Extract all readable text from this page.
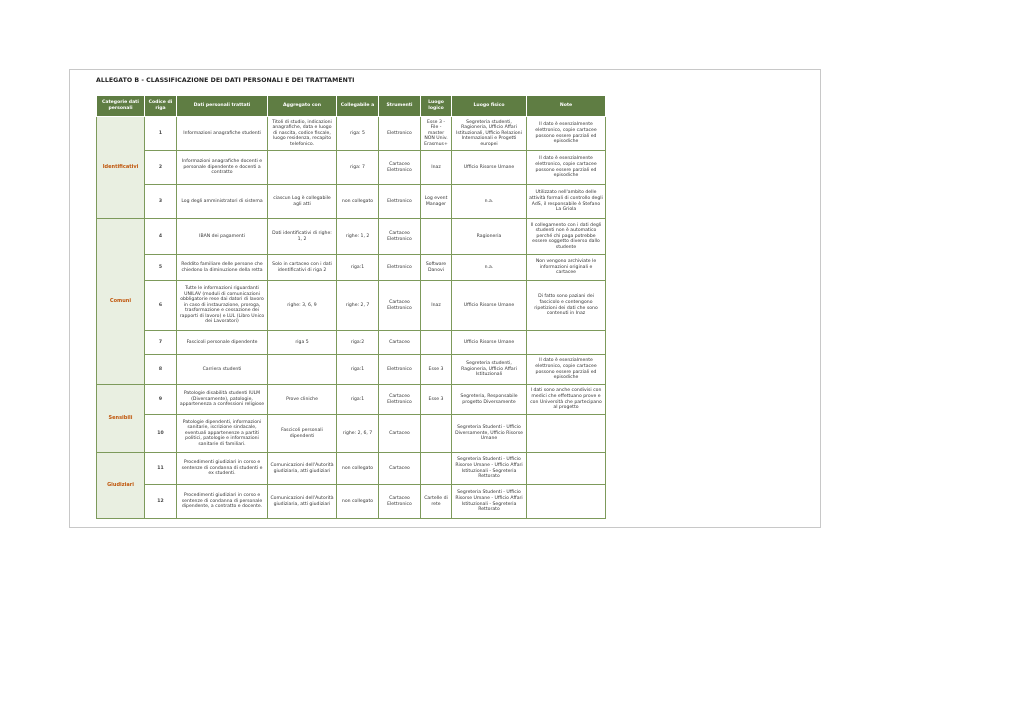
ALLEGATO B - CLASSIFICAZIONE DEI DATI PERSONALI E DEI TRATTAMENTI
Categorie dati personali	Codice di riga	Dati personali trattati	Aggregato con	Collegabile a	Strumenti	Luogo logico	Luogo fisico	Note
Identificativi	1	Informazioni anagrafiche studenti	Titoli di studio, indicazioni anagrafiche, data e luogo di nascita, codice fiscale, luogo residenza, recapito telefonico.	riga: 5	Elettronico	Esse 3 - File - master NON Univ. Erasmus+	Segreteria studenti, Ragioneria, Ufficio Affari Istituzionali, Ufficio Relazioni Internazionali e Progetti europei	Il dato è esenzialmente elettronico, copie cartacee possono essere parziali ed episodiche
	2	Informazioni anagrafiche docenti e personale dipendente e docenti a contratto		riga: 7	Cartaceo Elettronico	Inaz	Ufficio Risorse Umane	Il dato è esenzialmente elettronico, copie cartacee possono essere parziali ed episodiche
	3	Log degli amministratori di sistema	ciascun Log è collegabile agli atti	non collegato	Elettronico	Log event Manager	n.a.	Utilizzato nell'ambito delle attività formali di controllo degli AdS, il responsabile è Stefano La Griola
Comuni	4	IBAN dei pagamenti	Dati identificativi di righe: 1, 2	righe: 1, 2	Cartaceo Elettronico		Ragioneria	Il collegamento con i dati degli studenti non è automatico perché chi paga potrebbe essere soggetto diverso dallo studente
	5	Reddito familiare delle persone che chiedono la diminuzione della retta	Solo in cartaceo con i dati identificativi di riga 2	riga:1	Elettronico	Software Danovi	n.a.	Non vengono archiviate le informazioni originali e cartacee
	6	Tutte le informazioni riguardanti UNILAV (moduli di comunicazioni obbligatorie rese dai datori di lavoro in caso di instaurazione, proroga, trasformazione e cessazione dei rapporti di lavoro) e LUL (Libro Unico dei Lavoratori)	righe: 3, 6, 9	righe: 2, 7	Cartaceo Elettronico	Inaz	Ufficio Risorse Umane	Di fatto sono paziani dei fascicolo e contengono ripetizioni dei dati che sono contenuti in Inaz
	7	Fascicoli personale dipendente	riga 5	riga:2	Cartaceo		Ufficio Risorse Umane	
	8	Carriera studenti		riga:1	Elettronico	Esse 3	Segreteria studenti, Ragioneria, Ufficio Affari Istituzionali	Il dato è esenzialmente elettronico, copie cartacee possono essere parziali ed episodiche
Sensibili	9	Patologie disabilità studenti IULM (Diversamente), patologie, appartenenza a confessioni religiose	Prove cliniche	riga:1	Cartaceo Elettronico	Esse 3	Segreteria, Responsabile progetto Diversamente	I dati sono anche condivisi con medici che effettuano prove e con Università che partecipano al progetto
	10	Patologie dipendenti, informazioni sanitarie, iscrizione sindacale, eventuali appartenenze a partiti politici, patologie e informazioni sanitarie di familiari.	Fascicoli personali dipendenti	righe: 2, 6, 7	Cartaceo		Segreteria Studenti - Ufficio Diversamente, Ufficio Risorse Umane	
Giudiziari	11	Procedimenti giudiziari in corso e sentenze di condanna di studenti e ex studenti.	Comunicazioni dell'Autorità giudiziaria, atti giudiziari	non collegato	Cartaceo		Segreteria Studenti - Ufficio Risorse Umane - Ufficio Affari Istituzionali - Segreteria Rettorato	
	12	Procedimenti giudiziari in corso e sentenze di condanna di personale dipendente, a contratto e docente.	Comunicazioni dell'Autorità giudiziaria, atti giudiziari	non collegato	Cartaceo Elettronico	Cartelle di rete	Segreteria Studenti - Ufficio Risorse Umane - Ufficio Affari Istituzionali - Segreteria Rettorato	
